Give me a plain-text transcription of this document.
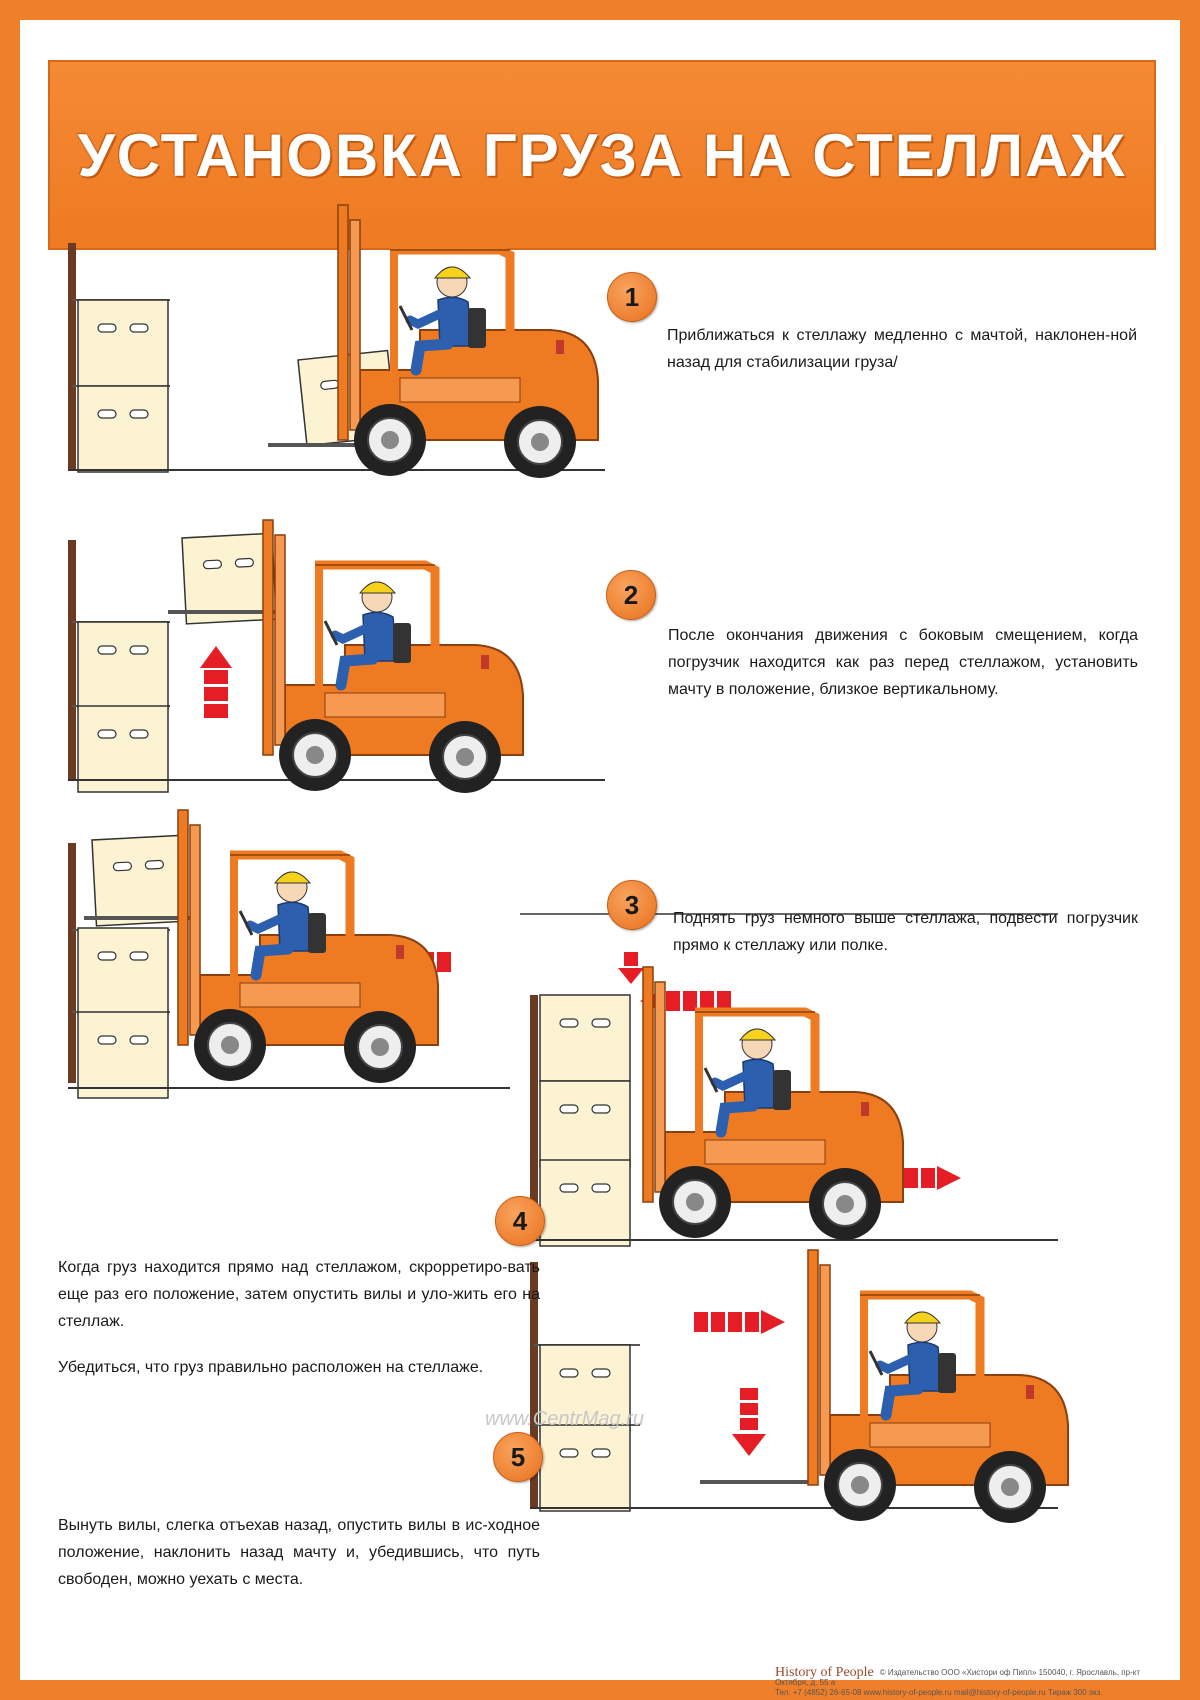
УСТАНОВКА ГРУЗА НА СТЕЛЛАЖ
1
2
3
4
5

Приближаться к стеллажу медленно с мачтой, наклонен-ной назад для стабилизации груза/

После окончания движения с боковым смещением, когда погрузчик находится как раз перед стеллажом, установить мачту в положение, близкое вертикальному.

Поднять груз немного выше стеллажа, подвести погрузчик прямо к стеллажу или полке.

Когда груз находится прямо над стеллажом, скрорретиро-вать еще раз его положение, затем опустить вилы и уло-жить его на стеллаж.

Убедиться, что груз правильно расположен на стеллаже.

Вынуть вилы, слегка отъехав назад, опустить вилы в ис-ходное положение, наклонить назад мачту и, убедившись, что путь свободен, можно уехать с места.

www.CentrMag.ru
History of People © Издательство ООО «Хистори оф Пипл» 150040, г. Ярославль, пр-кт Октября, д. 55 а
Тел. +7 (4852) 26-65-08 www.history-of-people.ru mail@history-of-people.ru Тираж 300 экз.
